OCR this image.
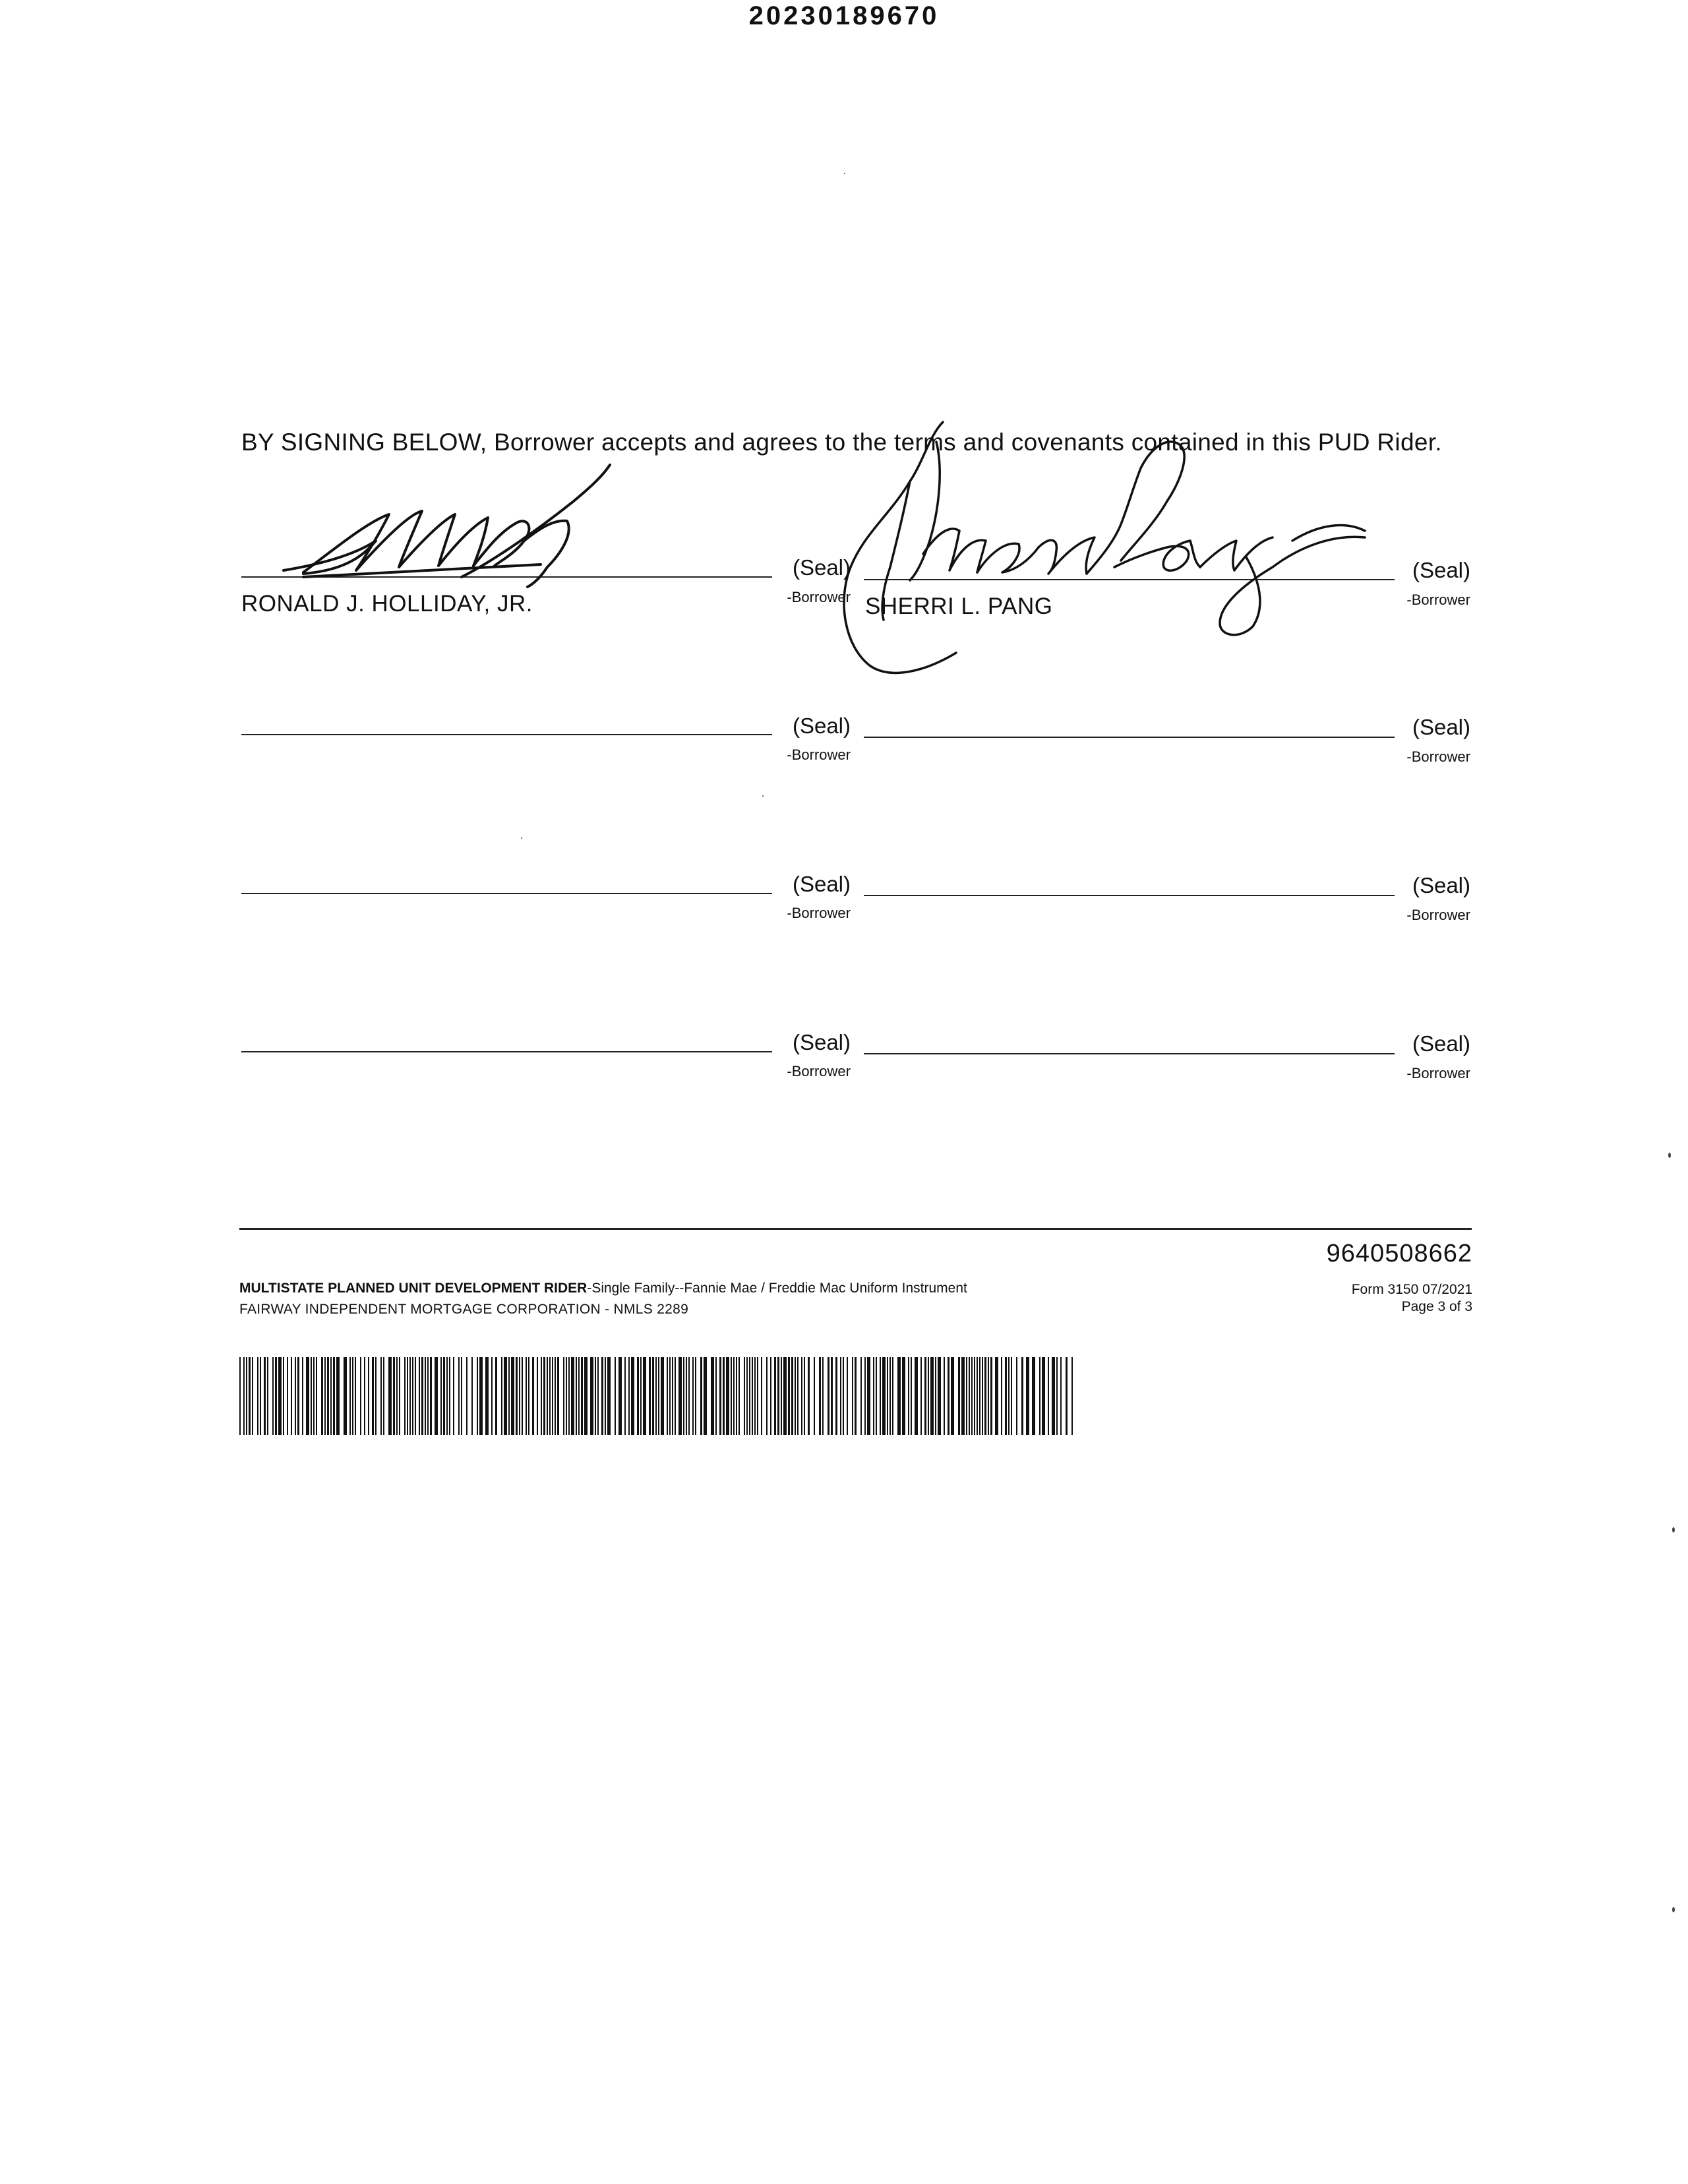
20230189670
BY SIGNING BELOW, Borrower accepts and agrees to the terms and covenants contained in this PUD Rider.
(Seal)
-Borrower
RONALD J. HOLLIDAY, JR.
(Seal)
-Borrower
SHERRI L. PANG
(Seal)
-Borrower
(Seal)
-Borrower
(Seal)
-Borrower
(Seal)
-Borrower
(Seal)
-Borrower
(Seal)
-Borrower
9640508662
MULTISTATE PLANNED UNIT DEVELOPMENT RIDER-Single Family--Fannie Mae / Freddie Mac Uniform Instrument
FAIRWAY INDEPENDENT MORTGAGE CORPORATION - NMLS 2289
Form 3150 07/2021
Page 3 of 3
